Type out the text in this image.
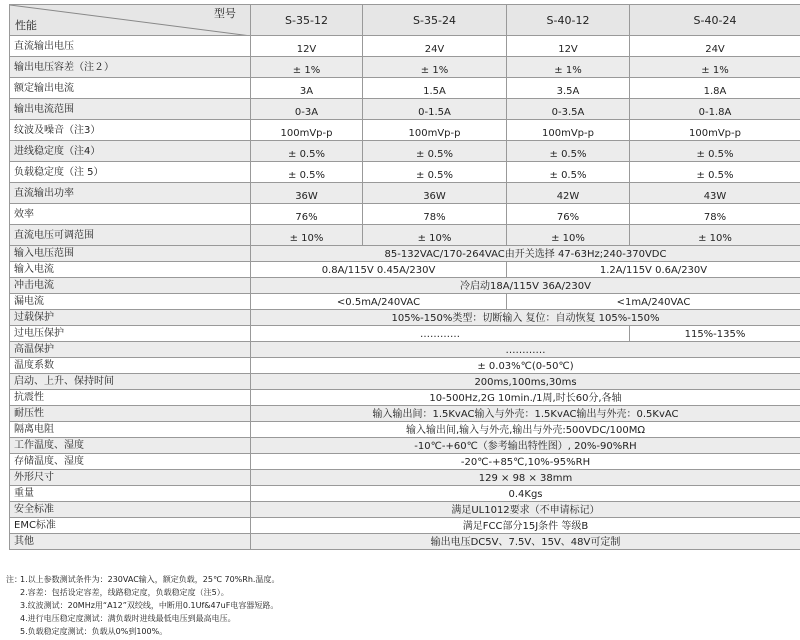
型号
性能	S-35-12	S-35-24	S-40-12	S-40-24
直流输出电压	12V	24V	12V	24V
输出电压容差（注２）	± 1%	± 1%	± 1%	± 1%
额定输出电流	3A	1.5A	3.5A	1.8A
输出电流范围	0-3A	0-1.5A	0-3.5A	0-1.8A
纹波及噪音（注3）	100mVp-p	100mVp-p	100mVp-p	100mVp-p
进线稳定度（注4）	± 0.5%	± 0.5%	± 0.5%	± 0.5%
负载稳定度（注 5）	± 0.5%	± 0.5%	± 0.5%	± 0.5%
直流输出功率	36W	36W	42W	43W
效率	76%	78%	76%	78%
直流电压可调范围	± 10%	± 10%	± 10%	± 10%
输入电压范围	85-132VAC/170-264VAC由开关选择 47-63Hz;240-370VDC			
输入电流	0.8A/115V 0.45A/230V		1.2A/115V 0.6A/230V	
冲击电流	冷启动18A/115V 36A/230V			
漏电流	<0.5mA/240VAC		<1mA/240VAC	
过载保护	105%-150%类型：切断输入 复位：自动恢复 105%-150%			
过电压保护	…………			115%-135%
高温保护	…………			
温度系数	± 0.03%℃(0-50℃)			
启动、上升、保持时间	200ms,100ms,30ms			
抗震性	10-500Hz,2G 10min./1周,时长60分,各轴			
耐压性	输入输出间：1.5KvAC输入与外壳：1.5KvAC输出与外壳：0.5KvAC			
隔离电阻	输入输出间,输入与外壳,输出与外壳:500VDC/100MΩ			
工作温度、湿度	-10℃-+60℃（参考输出特性图）, 20%-90%RH			
存储温度、湿度	-20℃-+85℃,10%-95%RH			
外形尺寸	129 × 98 × 38mm			
重量	0.4Kgs			
安全标准	满足UL1012要求（不申请标记）			
EMC标准	满足FCC部分15J条件 等级B			
其他	输出电压DC5V、7.5V、15V、48V可定制			
注：
1.以上参数测试条件为：230VAC输入，额定负载，25℃ 70%Rh.温度。
2.容差：包括设定容差，线路稳定度，负载稳定度（注5）。
3.纹波测试：20MHz用“A12”双绞线，中断用0.1Uf&47uF电容器短路。
4.进行电压稳定度测试：满负载时进线最低电压到最高电压。
5.负载稳定度测试：负载从0%到100%。
